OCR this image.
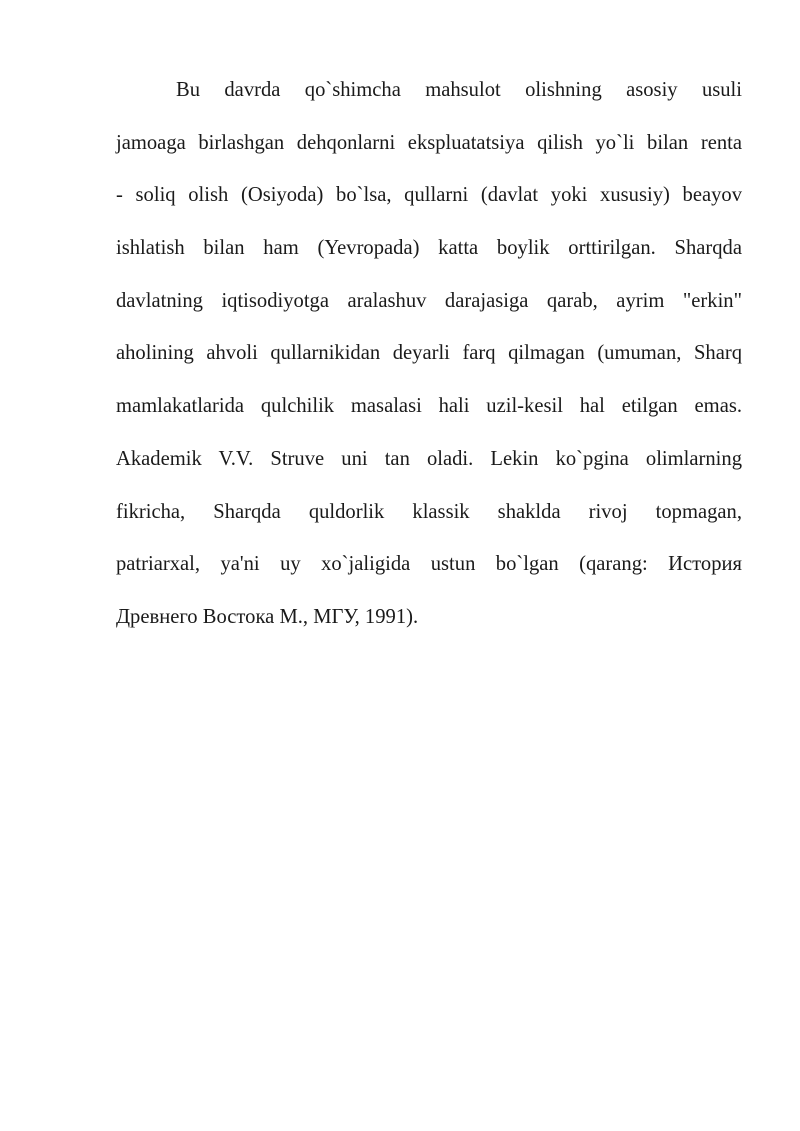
Bu davrda qo`shimcha mahsulot olishning asosiy usuli
jamoaga birlashgan dehqonlarni ekspluatatsiya qilish yo`li bilan renta
- soliq olish (Osiyoda) bo`lsa, qullarni (davlat yoki xususiy) beayov
ishlatish bilan ham (Yevropada) katta boylik orttirilgan. Sharqda
davlatning iqtisodiyotga aralashuv darajasiga qarab, ayrim "erkin"
aholining ahvoli qullarnikidan deyarli farq qilmagan (umuman, Sharq
mamlakatlarida qulchilik masalasi hali uzil-kesil hal etilgan emas.
Akademik V.V. Struve uni tan oladi. Lekin ko`pgina olimlarning
fikricha, Sharqda quldorlik klassik shaklda rivoj topmagan,
patriarxal, ya'ni uy xo`jaligida ustun bo`lgan (qarang: История
Древнего Востока М., МГУ, 1991).
